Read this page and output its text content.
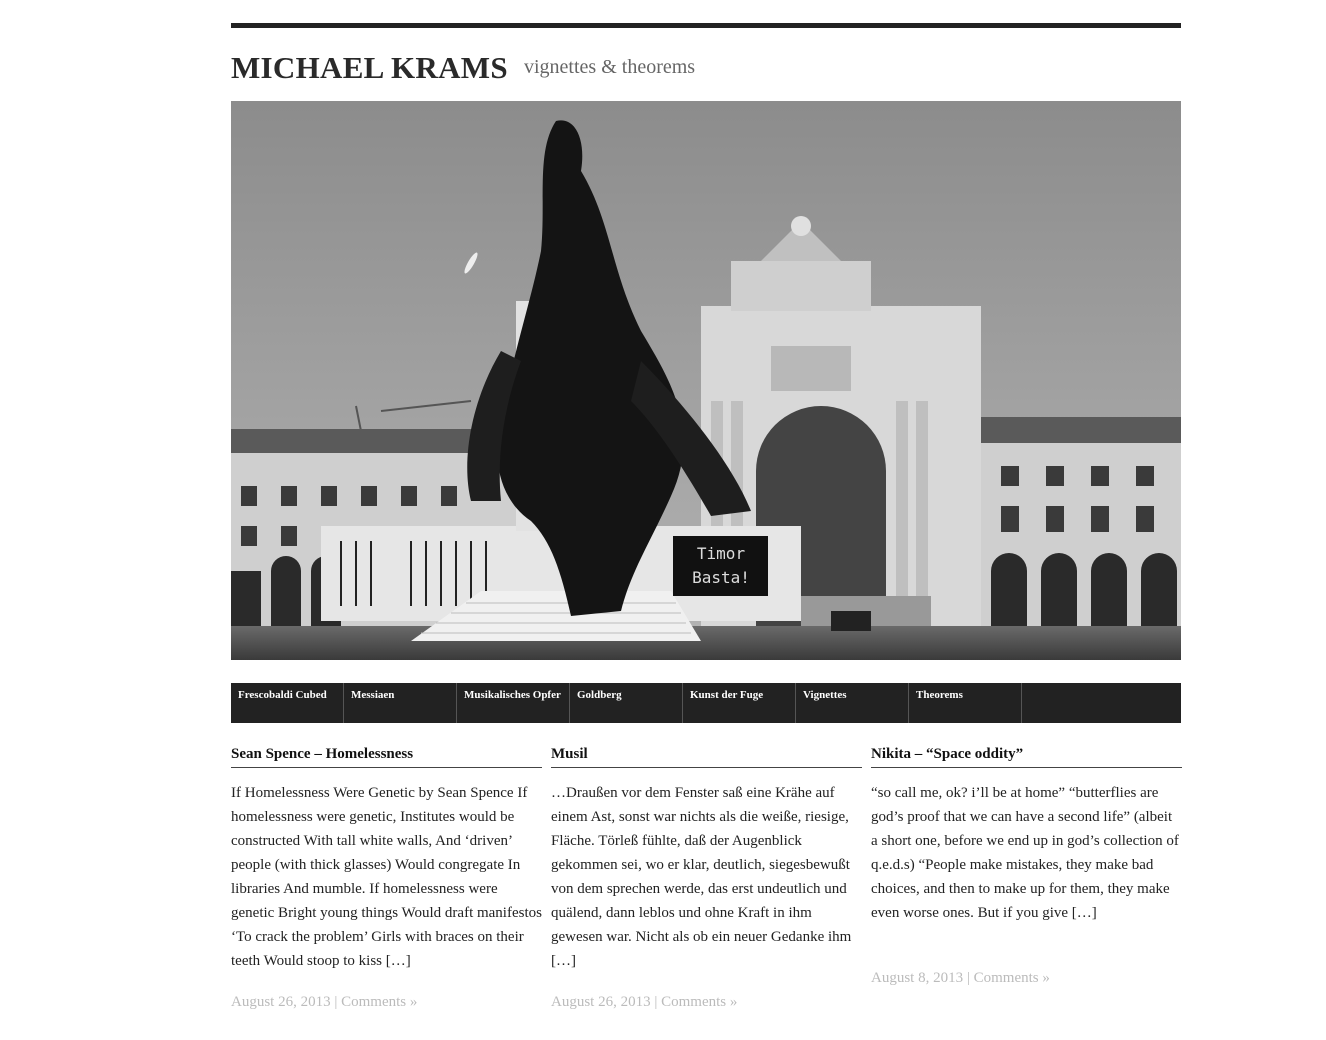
MICHAEL KRAMS vignettes & theorems
Timor
Basta!
Frescobaldi Cubed	Messiaen	Musikalisches Opfer	Goldberg	Kunst der Fuge	Vignettes	Theorems
Sean Spence – Homelessness
If Homelessness Were Genetic by Sean Spence If homelessness were genetic, Institutes would be constructed With tall white walls, And ‘driven’ people (with thick glasses) Would congregate In libraries And mumble. If homelessness were genetic Bright young things Would draft manifestos ‘To crack the problem’ Girls with braces on their teeth Would stoop to kiss […]
August 26, 2013 | Comments »
Musil
…Draußen vor dem Fenster saß eine Krähe auf einem Ast, sonst war nichts als die weiße, riesige, Fläche. Törleß fühlte, daß der Augenblick gekommen sei, wo er klar, deutlich, siegesbewußt von dem sprechen werde, das erst undeutlich und quälend, dann leblos und ohne Kraft in ihm gewesen war. Nicht als ob ein neuer Gedanke ihm […]
August 26, 2013 | Comments »
Nikita – “Space oddity”
“so call me, ok? i’ll be at home” “butterflies are god’s proof that we can have a second life” (albeit a short one, before we end up in god’s collection of q.e.d.s) “People make mistakes, they make bad choices, and then to make up for them, they make even worse ones. But if you give […]
August 8, 2013 | Comments »
